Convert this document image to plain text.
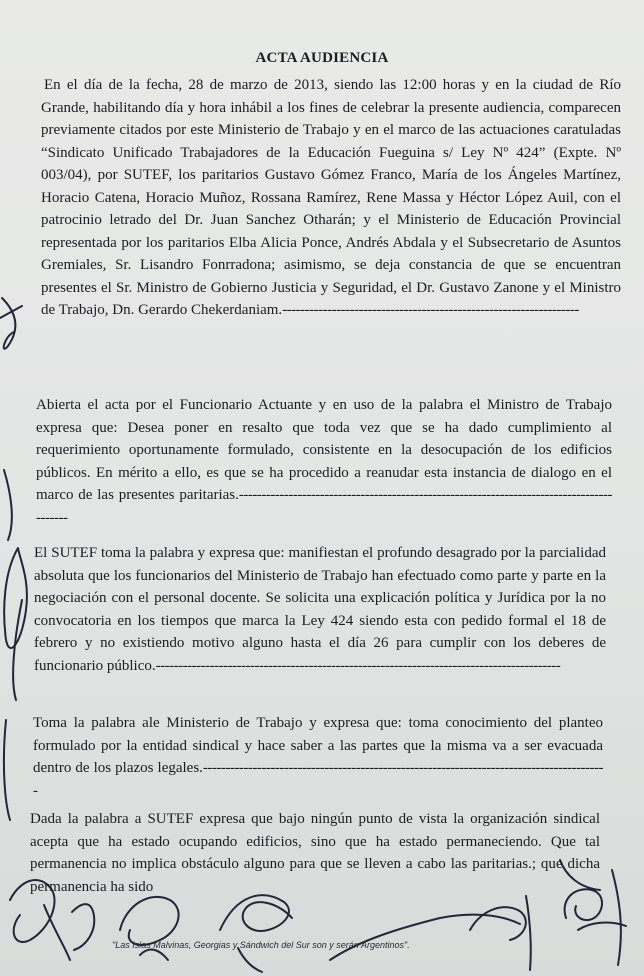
ACTA AUDIENCIA

En el día de la fecha, 28 de marzo de 2013, siendo las 12:00 horas y en la ciudad de Río Grande, habilitando día y hora inhábil a los fines de celebrar la presente audiencia, comparecen previamente citados por este Ministerio de Trabajo y en el marco de las actuaciones caratuladas “Sindicato Unificado Trabajadores de la Educación Fueguina s/ Ley Nº 424” (Expte. Nº 003/04), por SUTEF, los paritarios Gustavo Gómez Franco, María de los Ángeles Martínez, Horacio Catena, Horacio Muñoz, Rossana Ramírez, Rene Massa y Héctor López Auil, con el patrocinio letrado del Dr. Juan Sanchez Otharán; y el Ministerio de Educación Provincial representada por los paritarios Elba Alicia Ponce, Andrés Abdala y el Subsecretario de Asuntos Gremiales, Sr. Lisandro Fonrradona; asimismo, se deja constancia de que se encuentran presentes el Sr. Ministro de Gobierno Justicia y Seguridad, el Dr. Gustavo Zanone y el Ministro de Trabajo, Dn. Gerardo Chekerdaniam.------------------------------------------------------------------

Abierta el acta por el Funcionario Actuante y en uso de la palabra el Ministro de Trabajo expresa que: Desea poner en resalto que toda vez que se ha dado cumplimiento al requerimiento oportunamente formulado, consistente en la desocupación de los edificios públicos. En mérito a ello, es que se ha procedido a reanudar esta instancia de dialogo en el marco de las presentes paritarias.------------------------------------------------------------------------------------------

El SUTEF toma la palabra y expresa que: manifiestan el profundo desagrado por la parcialidad absoluta que los funcionarios del Ministerio de Trabajo han efectuado como parte y parte en la negociación con el personal docente. Se solicita una explicación política y Jurídica por la no convocatoria en los tiempos que marca la Ley 424 siendo esta con pedido formal el 18 de febrero y no existiendo motivo alguno hasta el día 26 para cumplir con los deberes de funcionario público.------------------------------------------------------------------------------------------

Toma la palabra ale Ministerio de Trabajo y expresa que: toma conocimiento del planteo formulado por la entidad sindical y hace saber a las partes que la misma va a ser evacuada dentro de los plazos legales.------------------------------------------------------------------------------------------

Dada la palabra a SUTEF expresa que bajo ningún punto de vista la organización sindical acepta que ha estado ocupando edificios, sino que ha estado permaneciendo. Que tal permanencia no implica obstáculo alguno para que se lleven a cabo las paritarias.; que dicha permanencia ha sido

"Las Islas Malvinas, Georgias y Sándwich del Sur son y serán Argentinos".
